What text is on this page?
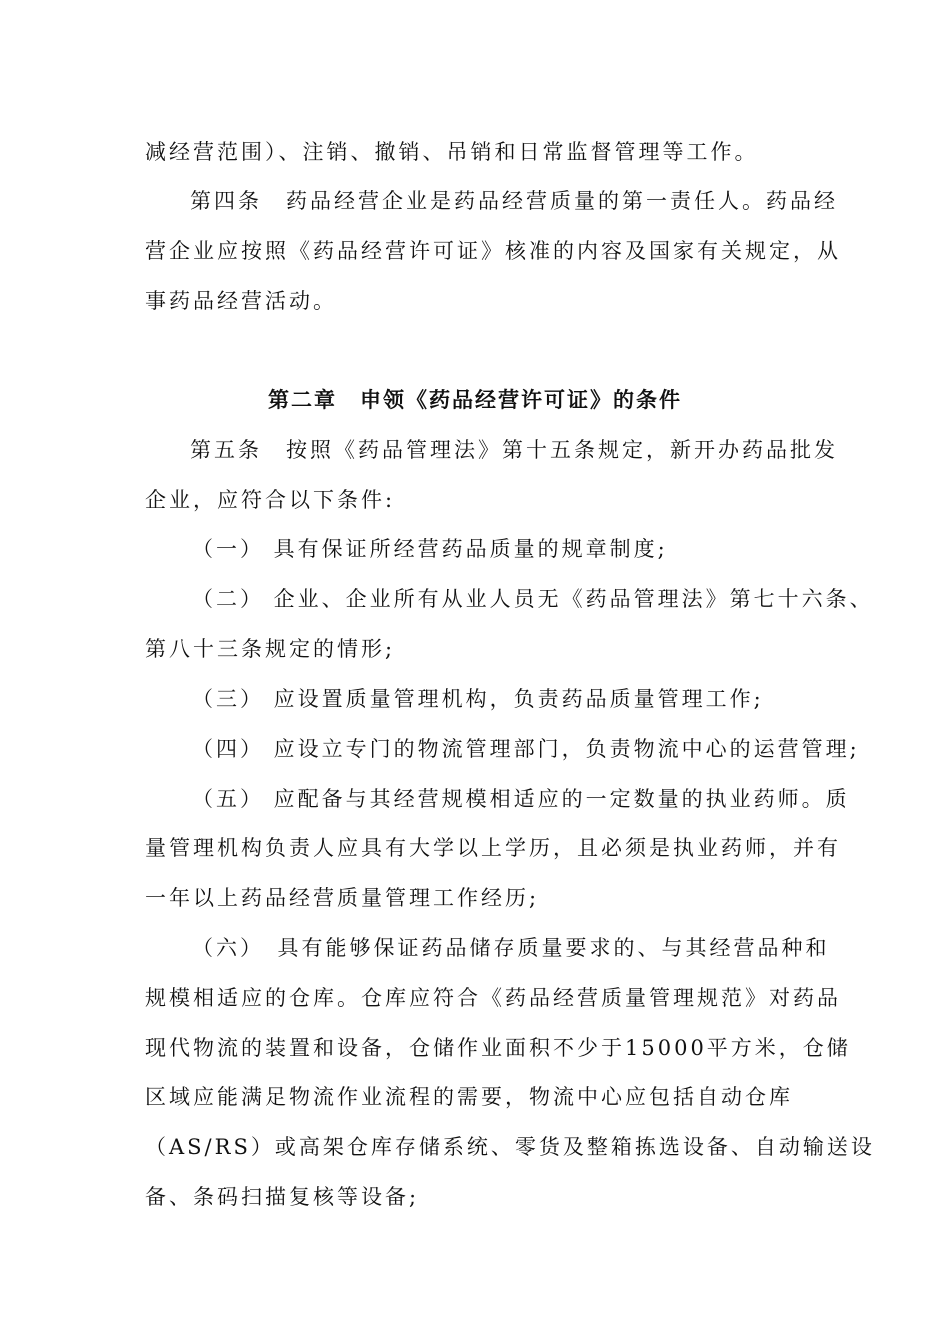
减经营范围）、注销、撤销、吊销和日常监督管理等工作。
第四条　药品经营企业是药品经营质量的第一责任人。药品经
营企业应按照《药品经营许可证》核准的内容及国家有关规定，从
事药品经营活动。
第二章　申领《药品经营许可证》的条件
第五条　按照《药品管理法》第十五条规定，新开办药品批发
企业，应符合以下条件:
（一） 具有保证所经营药品质量的规章制度;
（二） 企业、企业所有从业人员无《药品管理法》第七十六条、
第八十三条规定的情形;
（三） 应设置质量管理机构，负责药品质量管理工作;
（四） 应设立专门的物流管理部门，负责物流中心的运营管理;
（五） 应配备与其经营规模相适应的一定数量的执业药师。质
量管理机构负责人应具有大学以上学历，且必须是执业药师，并有
一年以上药品经营质量管理工作经历;
（六）　具有能够保证药品储存质量要求的、与其经营品种和
规模相适应的仓库。仓库应符合《药品经营质量管理规范》对药品
现代物流的装置和设备，仓储作业面积不少于15000平方米，仓储
区域应能满足物流作业流程的需要，物流中心应包括自动仓库
（AS/RS）或高架仓库存储系统、零货及整箱拣选设备、自动输送设
备、条码扫描复核等设备;
